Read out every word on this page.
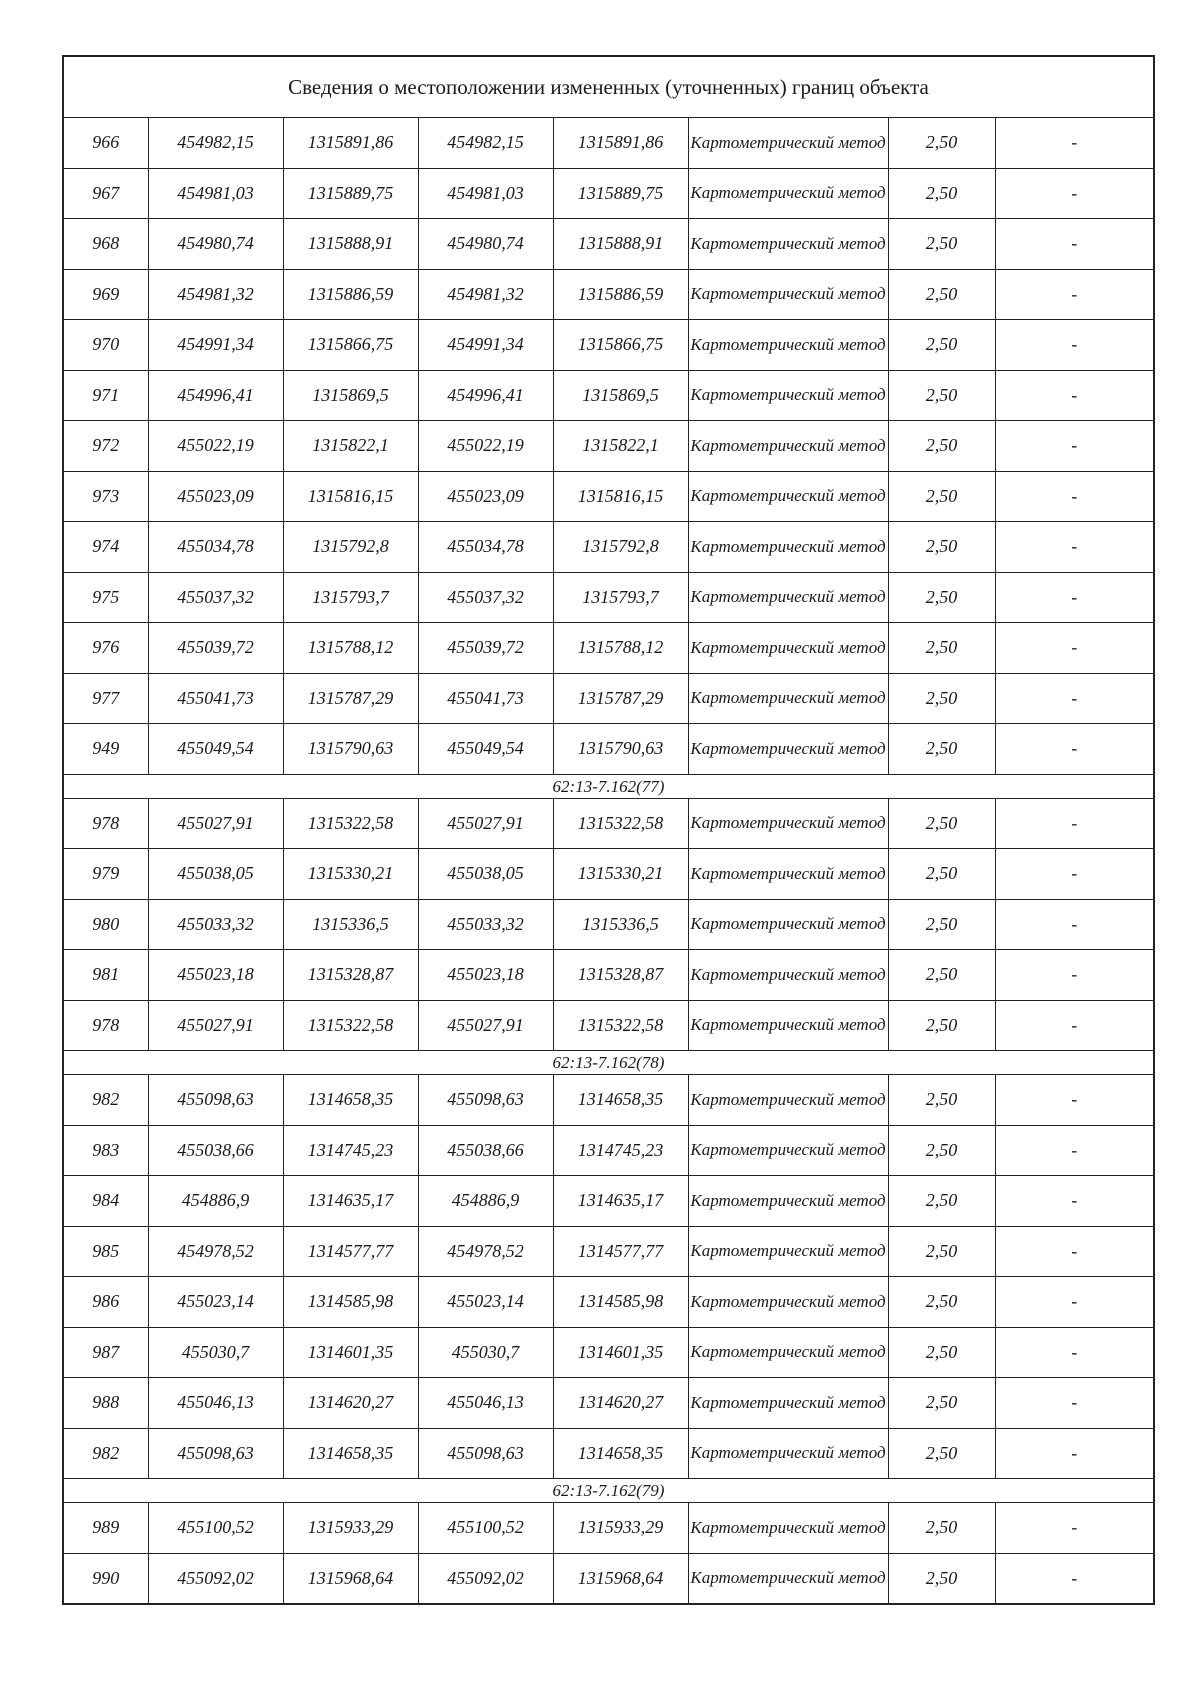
Сведения о местоположении измененных (уточненных) границ объекта							
966	454982,15	1315891,86	454982,15	1315891,86	Картометрический метод	2,50	-
967	454981,03	1315889,75	454981,03	1315889,75	Картометрический метод	2,50	-
968	454980,74	1315888,91	454980,74	1315888,91	Картометрический метод	2,50	-
969	454981,32	1315886,59	454981,32	1315886,59	Картометрический метод	2,50	-
970	454991,34	1315866,75	454991,34	1315866,75	Картометрический метод	2,50	-
971	454996,41	1315869,5	454996,41	1315869,5	Картометрический метод	2,50	-
972	455022,19	1315822,1	455022,19	1315822,1	Картометрический метод	2,50	-
973	455023,09	1315816,15	455023,09	1315816,15	Картометрический метод	2,50	-
974	455034,78	1315792,8	455034,78	1315792,8	Картометрический метод	2,50	-
975	455037,32	1315793,7	455037,32	1315793,7	Картометрический метод	2,50	-
976	455039,72	1315788,12	455039,72	1315788,12	Картометрический метод	2,50	-
977	455041,73	1315787,29	455041,73	1315787,29	Картометрический метод	2,50	-
949	455049,54	1315790,63	455049,54	1315790,63	Картометрический метод	2,50	-
62:13-7.162(77)							
978	455027,91	1315322,58	455027,91	1315322,58	Картометрический метод	2,50	-
979	455038,05	1315330,21	455038,05	1315330,21	Картометрический метод	2,50	-
980	455033,32	1315336,5	455033,32	1315336,5	Картометрический метод	2,50	-
981	455023,18	1315328,87	455023,18	1315328,87	Картометрический метод	2,50	-
978	455027,91	1315322,58	455027,91	1315322,58	Картометрический метод	2,50	-
62:13-7.162(78)							
982	455098,63	1314658,35	455098,63	1314658,35	Картометрический метод	2,50	-
983	455038,66	1314745,23	455038,66	1314745,23	Картометрический метод	2,50	-
984	454886,9	1314635,17	454886,9	1314635,17	Картометрический метод	2,50	-
985	454978,52	1314577,77	454978,52	1314577,77	Картометрический метод	2,50	-
986	455023,14	1314585,98	455023,14	1314585,98	Картометрический метод	2,50	-
987	455030,7	1314601,35	455030,7	1314601,35	Картометрический метод	2,50	-
988	455046,13	1314620,27	455046,13	1314620,27	Картометрический метод	2,50	-
982	455098,63	1314658,35	455098,63	1314658,35	Картометрический метод	2,50	-
62:13-7.162(79)							
989	455100,52	1315933,29	455100,52	1315933,29	Картометрический метод	2,50	-
990	455092,02	1315968,64	455092,02	1315968,64	Картометрический метод	2,50	-
